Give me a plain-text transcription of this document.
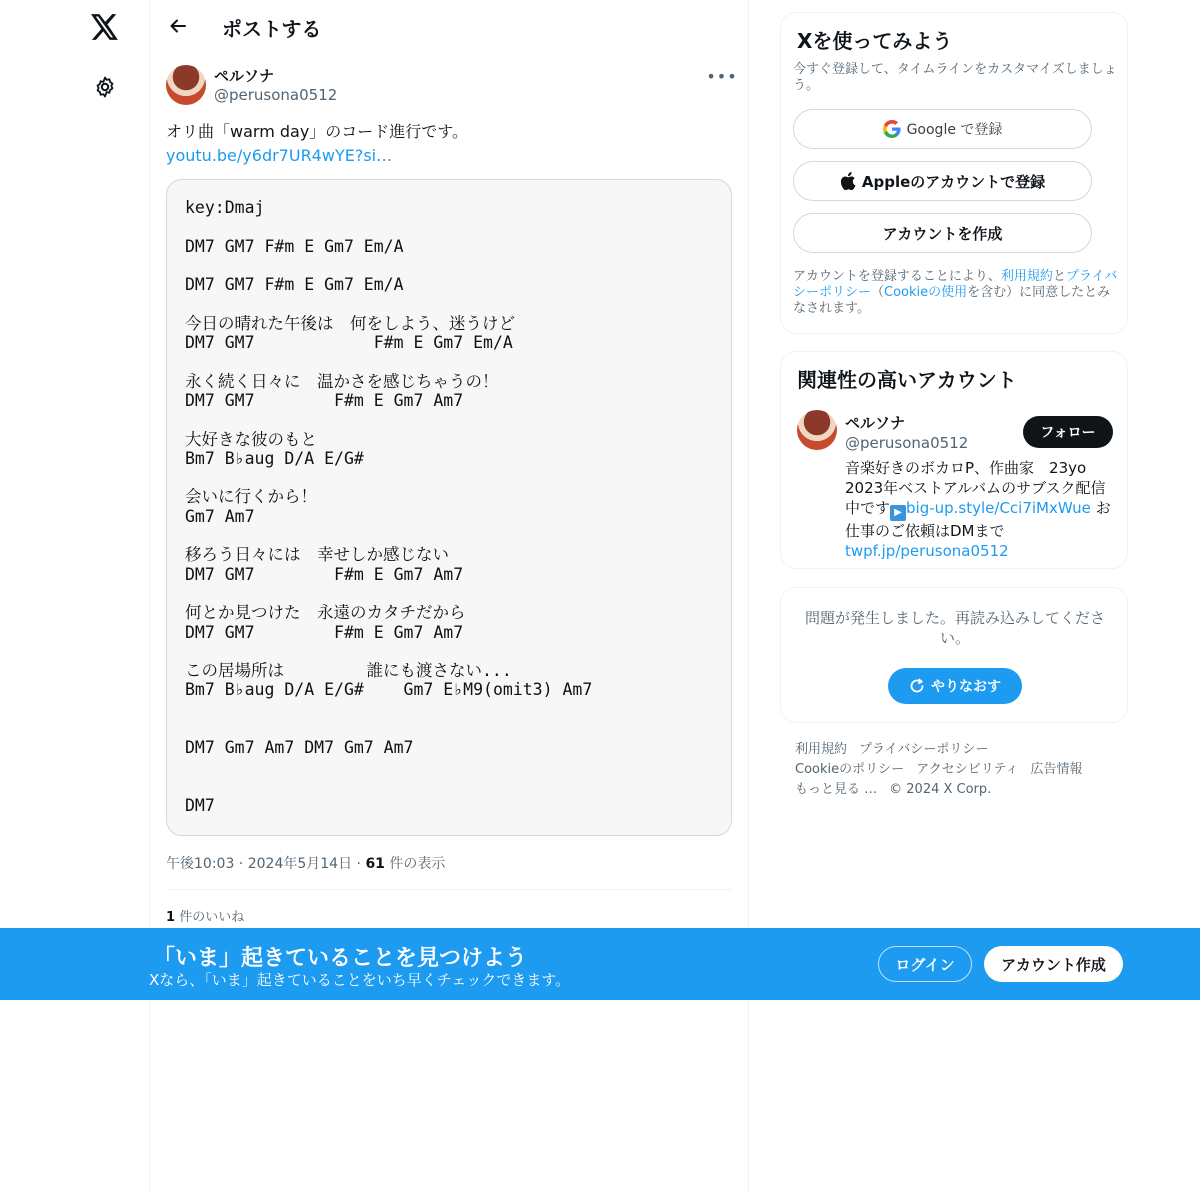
ポストする
ペルソナ
@perusona0512
•••
オリ曲「warm day」のコード進行です。
youtu.be/y6dr7UR4wYE?si…
key:Dmaj

DM7 GM7 F#m E Gm7 Em/A

DM7 GM7 F#m E Gm7 Em/A

今日の晴れた午後は　何をしよう、迷うけど
DM7 GM7            F#m E Gm7 Em/A

永く続く日々に　温かさを感じちゃうの！
DM7 GM7        F#m E Gm7 Am7

大好きな彼のもと
Bm7 B♭aug D/A E/G#

会いに行くから！
Gm7 Am7

移ろう日々には　幸せしか感じない
DM7 GM7        F#m E Gm7 Am7

何とか見つけた　永遠のカタチだから
DM7 GM7        F#m E Gm7 Am7

この居場所は　　　　　誰にも渡さない...
Bm7 B♭aug D/A E/G#    Gm7 E♭M9(omit3) Am7

DM7 Gm7 Am7 DM7 Gm7 Am7

DM7
午後10:03 · 2024年5月14日 · 61 件の表示
1 件のいいね
Xを使ってみよう
今すぐ登録して、タイムラインをカスタマイズしましょう。
Google で登録
Appleのアカウントで登録
アカウントを作成
アカウントを登録することにより、利用規約とプライバシーポリシー（Cookieの使用を含む）に同意したとみなされます。
関連性の高いアカウント
ペルソナ
@perusona0512
フォロー
音楽好きのボカロP、作曲家　23yo 2023年ベストアルバムのサブスク配信中です ▶ big-up.style/Cci7iMxWue お仕事のご依頼はDMまで
twpf.jp/perusona0512
問題が発生しました。再読み込みしてください。
やりなおす
利用規約 プライバシーポリシー
Cookieのポリシー アクセシビリティ 広告情報
もっと見る … © 2024 X Corp.
「いま」起きていることを見つけよう
Xなら、「いま」起きていることをいち早くチェックできます。
ログイン	アカウント作成
